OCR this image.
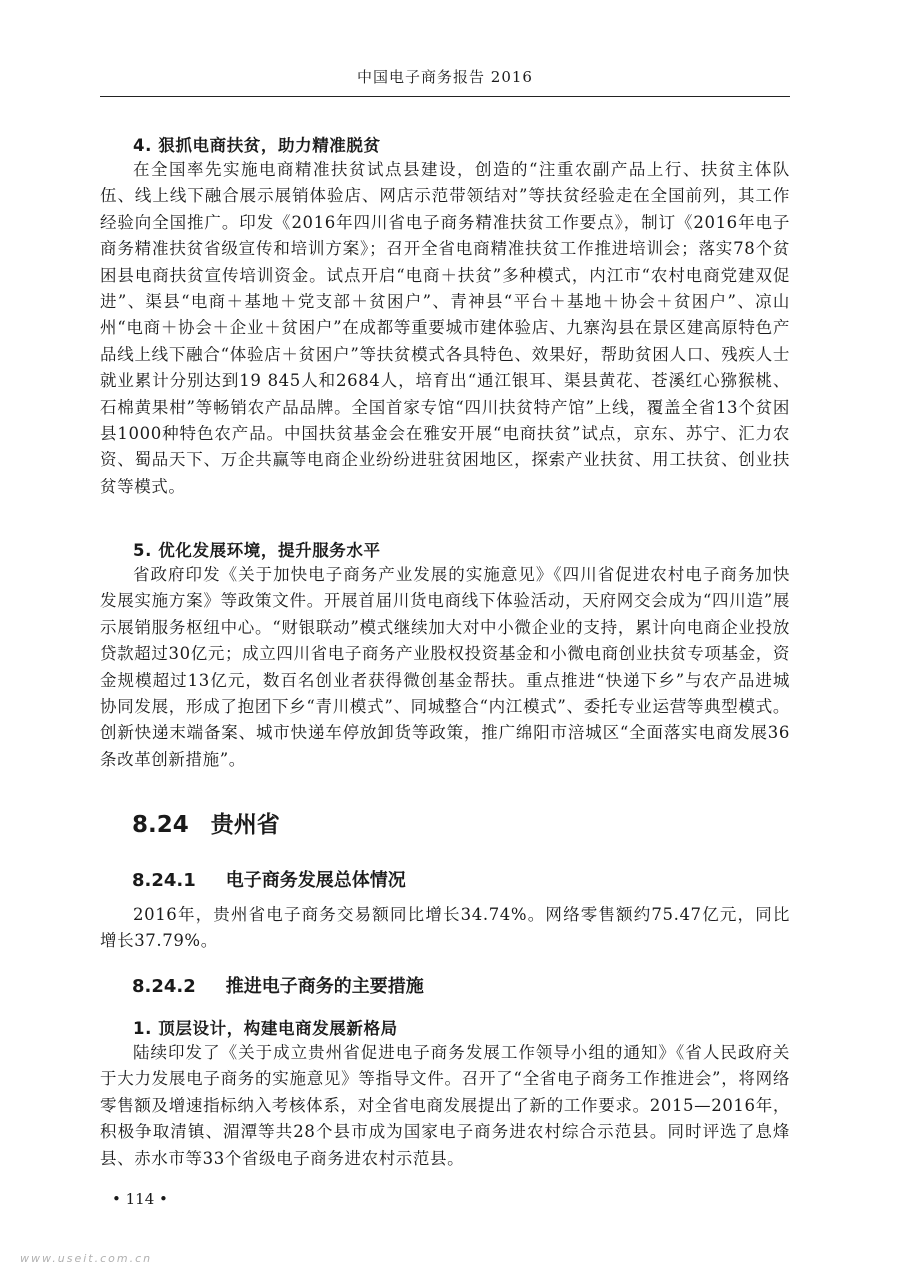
中国电子商务报告 2016
4. 狠抓电商扶贫，助力精准脱贫
在全国率先实施电商精准扶贫试点县建设，创造的“注重农副产品上行、扶贫主体队伍、线上线下融合展示展销体验店、网店示范带领结对”等扶贫经验走在全国前列，其工作经验向全国推广。印发《2016年四川省电子商务精准扶贫工作要点》，制订《2016年电子商务精准扶贫省级宣传和培训方案》；召开全省电商精准扶贫工作推进培训会；落实78个贫困县电商扶贫宣传培训资金。试点开启“电商＋扶贫”多种模式，内江市“农村电商党建双促进”、渠县“电商＋基地＋党支部＋贫困户”、青神县“平台＋基地＋协会＋贫困户”、凉山州“电商＋协会＋企业＋贫困户”在成都等重要城市建体验店、九寨沟县在景区建高原特色产品线上线下融合“体验店＋贫困户”等扶贫模式各具特色、效果好，帮助贫困人口、残疾人士就业累计分别达到19 845人和2684人，培育出“通江银耳、渠县黄花、苍溪红心猕猴桃、石棉黄果柑”等畅销农产品品牌。全国首家专馆“四川扶贫特产馆”上线，覆盖全省13个贫困县1000种特色农产品。中国扶贫基金会在雅安开展“电商扶贫”试点，京东、苏宁、汇力农资、蜀品天下、万企共赢等电商企业纷纷进驻贫困地区，探索产业扶贫、用工扶贫、创业扶贫等模式。
5. 优化发展环境，提升服务水平
省政府印发《关于加快电子商务产业发展的实施意见》《四川省促进农村电子商务加快发展实施方案》等政策文件。开展首届川货电商线下体验活动，天府网交会成为“四川造”展示展销服务枢纽中心。“财银联动”模式继续加大对中小微企业的支持，累计向电商企业投放贷款超过30亿元；成立四川省电子商务产业股权投资基金和小微电商创业扶贫专项基金，资金规模超过13亿元，数百名创业者获得微创基金帮扶。重点推进“快递下乡”与农产品进城协同发展，形成了抱团下乡“青川模式”、同城整合“内江模式”、委托专业运营等典型模式。创新快递末端备案、城市快递车停放卸货等政策，推广绵阳市涪城区“全面落实电商发展36条改革创新措施”。
8.24 贵州省
8.24.1 电子商务发展总体情况
2016年，贵州省电子商务交易额同比增长34.74%。网络零售额约75.47亿元，同比增长37.79%。
8.24.2 推进电子商务的主要措施
1. 顶层设计，构建电商发展新格局
陆续印发了《关于成立贵州省促进电子商务发展工作领导小组的通知》《省人民政府关于大力发展电子商务的实施意见》等指导文件。召开了“全省电子商务工作推进会”，将网络零售额及增速指标纳入考核体系，对全省电商发展提出了新的工作要求。2015—2016年，积极争取清镇、湄潭等共28个县市成为国家电子商务进农村综合示范县。同时评选了息烽县、赤水市等33个省级电子商务进农村示范县。
• 114 •
www.useit.com.cn
